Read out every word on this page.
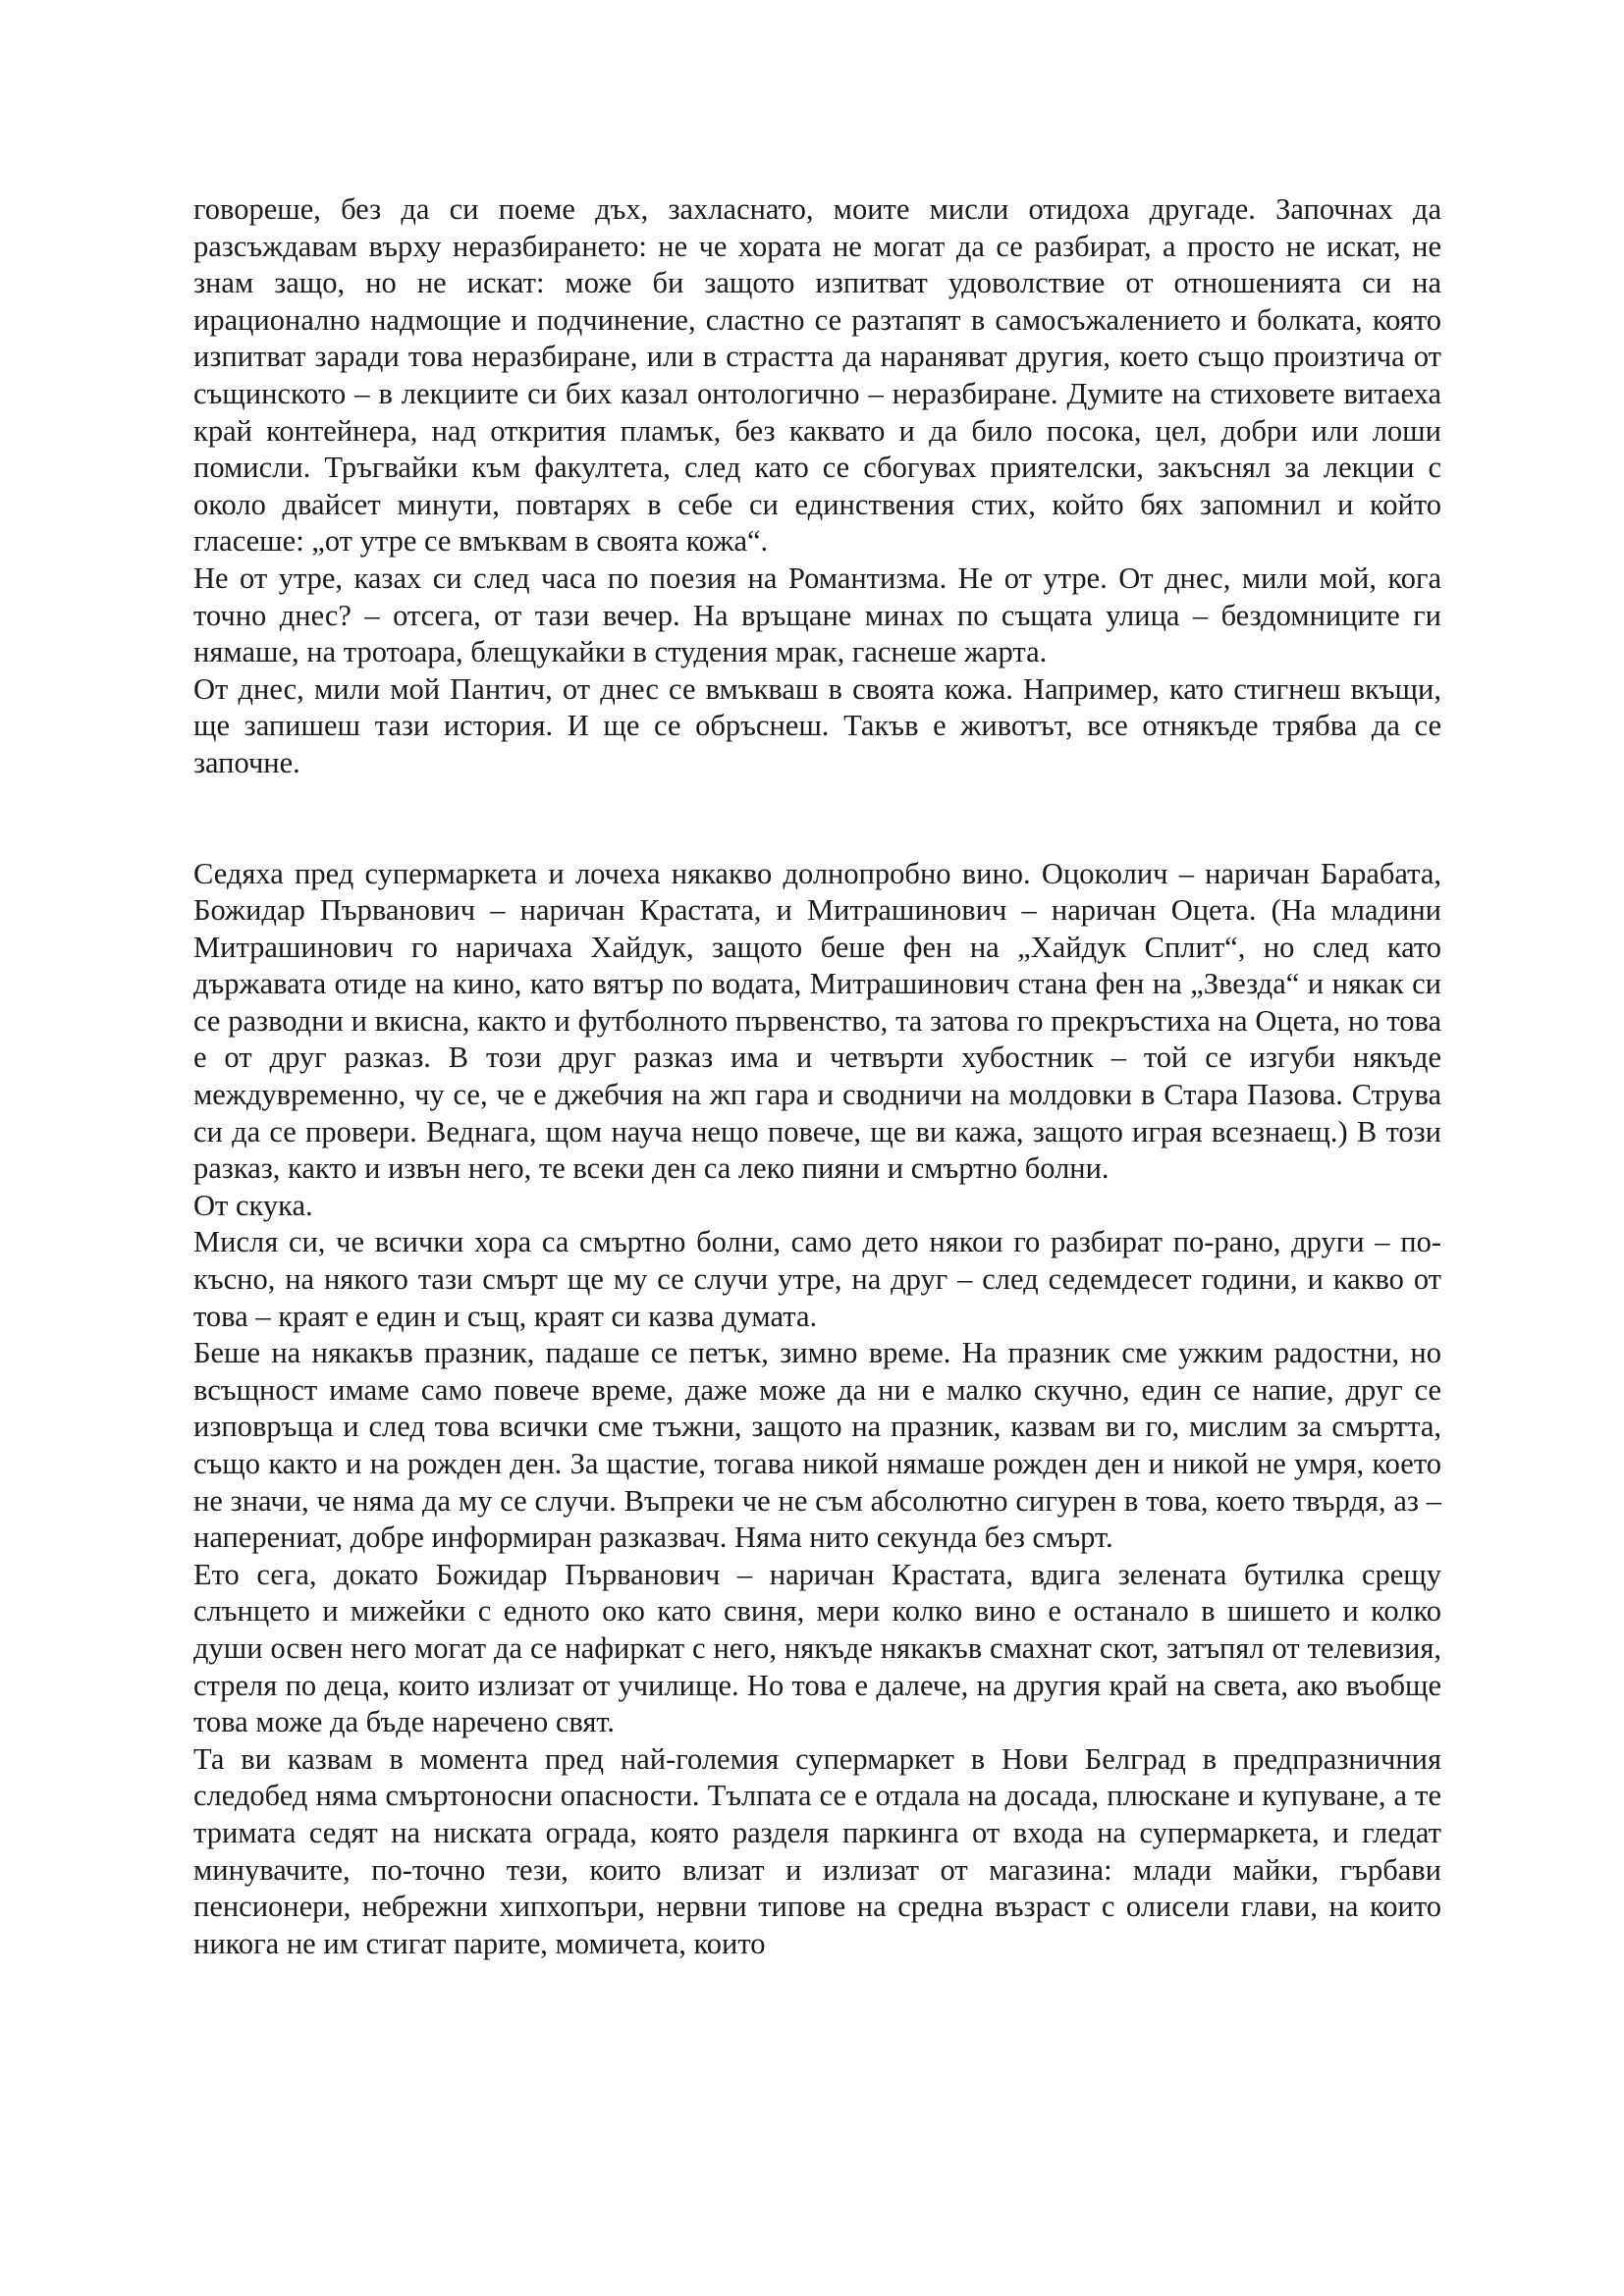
говореше, без да си поеме дъх, захласнато, моите мисли отидоха другаде. Започнах да разсъждавам върху неразбирането: не че хората не могат да се разбират, а просто не искат, не знам защо, но не искат: може би защото изпитват удоволствие от отношенията си на ирационално надмощие и подчинение, сластно се разтапят в самосъжалението и болката, която изпитват заради това неразбиране, или в страстта да нараняват другия, което също произтича от същинското – в лекциите си бих казал онтологично – неразбиране. Думите на стиховете витаеха край контейнера, над открития пламък, без каквато и да било посока, цел, добри или лоши помисли. Тръгвайки към факултета, след като се сбогувах приятелски, закъснял за лекции с около двайсет минути, повтарях в себе си единствения стих, който бях запомнил и който гласеше: „от утре се вмъквам в своята кожа“.

Не от утре, казах си след часа по поезия на Романтизма. Не от утре. От днес, мили мой, кога точно днес? – отсега, от тази вечер. На връщане минах по същата улица – бездомниците ги нямаше, на тротоара, блещукайки в студения мрак, гаснеше жарта.

От днес, мили мой Пантич, от днес се вмъкваш в своята кожа. Например, като стигнеш вкъщи, ще запишеш тази история. И ще се обръснеш. Такъв е животът, все отнякъде трябва да се започне.

Седяха пред супермаркета и лочеха някакво долнопробно вино. Оцоколич – наричан Барабата, Божидар Първанович – наричан Крастата, и Митрашинович – наричан Оцета. (На младини Митрашинович го наричаха Хайдук, защото беше фен на „Хайдук Сплит“, но след като държавата отиде на кино, като вятър по водата, Митрашинович стана фен на „Звезда“ и някак си се разводни и вкисна, както и футболното първенство, та затова го прекръстиха на Оцета, но това е от друг разказ. В този друг разказ има и четвърти хубостник – той се изгуби някъде междувременно, чу се, че е джебчия на жп гара и сводничи на молдовки в Стара Пазова. Струва си да се провери. Веднага, щом науча нещо повече, ще ви кажа, защото играя всезнаещ.) В този разказ, както и извън него, те всеки ден са леко пияни и смъртно болни.

От скука.

Мисля си, че всички хора са смъртно болни, само дето някои го разбират по-рано, други – по-късно, на някого тази смърт ще му се случи утре, на друг – след седемдесет години, и какво от това – краят е един и същ, краят си казва думата.

Беше на някакъв празник, падаше се петък, зимно време. На празник сме ужким радостни, но всъщност имаме само повече време, даже може да ни е малко скучно, един се напие, друг се изповръща и след това всички сме тъжни, защото на празник, казвам ви го, мислим за смъртта, също както и на рожден ден. За щастие, тогава никой нямаше рожден ден и никой не умря, което не значи, че няма да му се случи. Въпреки че не съм абсолютно сигурен в това, което твърдя, аз – наперениат, добре информиран разказвач. Няма нито секунда без смърт.

Ето сега, докато Божидар Първанович – наричан Крастата, вдига зелената бутилка срещу слънцето и мижейки с едното око като свиня, мери колко вино е останало в шишето и колко души освен него могат да се нафиркат с него, някъде някакъв смахнат скот, затъпял от телевизия, стреля по деца, които излизат от училище. Но това е далече, на другия край на света, ако въобще това може да бъде наречено свят.

Та ви казвам в момента пред най-големия супермаркет в Нови Белград в предпразничния следобед няма смъртоносни опасности. Тълпата се е отдала на досада, плюскане и купуване, а те тримата седят на ниската ограда, която разделя паркинга от входа на супермаркета, и гледат минувачите, по-точно тези, които влизат и излизат от магазина: млади майки, гърбави пенсионери, небрежни хипхопъри, нервни типове на средна възраст с олисели глави, на които никога не им стигат парите, момичета, които
